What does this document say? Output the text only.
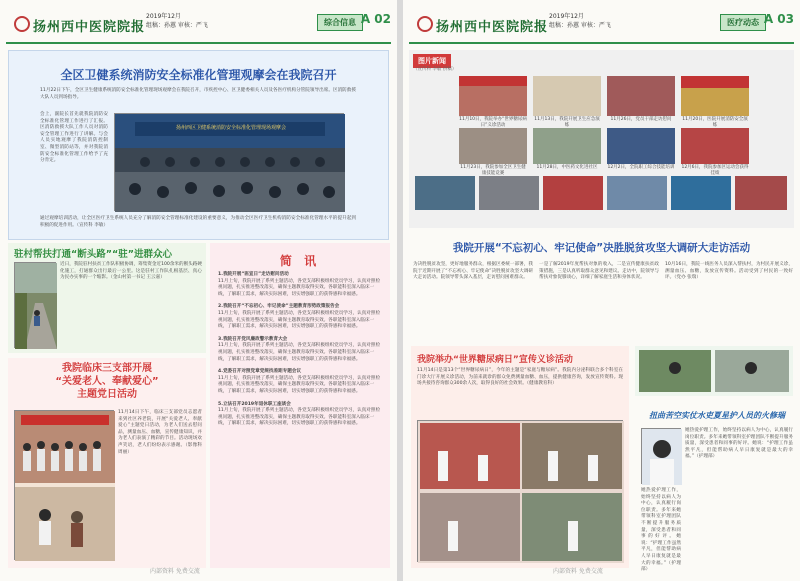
扬州西中医院院报
2019年12月
组稿：孙蕙 审核：严飞	综合信息 A 02
全区卫健系统消防安全标准化管理观摩会在我院召开
11月22日下午，全区卫生健康系统消防安全标准化管理现场观摩会在我院召开，市疾控中心、区卫健委相关人员及各医疗机构分管院领导出席。区消防救援大队人员到场指导。
会上，副院长首先就我院消防安全标准化管理工作进行了汇报。区消防救援大队工作人员对消防安全管理工作进行了讲解。与会人员实地观摩了我院消防控制室、微型消防站等，并对我院消防安全标准化管理工作给予了充分肯定。
扬州西区卫健系统消防安全标准化管理现场观摩会
通过观摩培训活动，让全区医疗卫生系统人员充分了解消防安全管理标准化建设的重要意义，为推动全区医疗卫生机构消防安全标准化管理水平的提升起到积极的促进作用。（宣传科 李敏）
驻村帮扶打通“断头路”“驻”进群众心
近日，我院驻村扶贫工作队积极协调，筹集资金近100余米的断头路硬化施工，打通群众出行最后一公里。这是驻村工作队扎根基层、真心为民办实事的一个缩影。（金山村第一书记 王云嘉）
我院临床三支部开展
“关爱老人、奉献爱心”
主题党日活动
11月14日下午，临床三支部党员志愿者来到社区养老院，开展“关爱老人、奉献爱心”主题党日活动，为老人们送去慰问品，测量血压、血糖，宣传健康知识，并为老人们表演了精彩的节目。活动现场欢声笑语，老人们纷纷表示感谢。（影像科 周丽）
简 讯
1.我院开展“医宣日”走访慰问活动
11月上旬，我院开展了系列主题活动，各党支部积极组织党员学习，认真对照检视问题，扎实推进整改落实，确保主题教育取得实效。各职能科室深入临床一线，了解职工需求，解决实际困难，切实增强职工的获得感和幸福感。
2.我院召开“不忘初心、牢记使命”主题教育形势政策报告会
11月上旬，我院开展了系列主题活动，各党支部积极组织党员学习，认真对照检视问题，扎实推进整改落实，确保主题教育取得实效。各职能科室深入临床一线，了解职工需求，解决实际困难，切实增强职工的获得感和幸福感。
3.我院召开党风廉政警示教育大会
11月上旬，我院开展了系列主题活动，各党支部积极组织党员学习，认真对照检视问题，扎实推进整改落实，确保主题教育取得实效。各职能科室深入临床一线，了解职工需求，解决实际困难，切实增强职工的获得感和幸福感。
4.党委召开对照党章党规找差距专题会议
11月上旬，我院开展了系列主题活动，各党支部积极组织党员学习，认真对照检视问题，扎实推进整改落实，确保主题教育取得实效。各职能科室深入临床一线，了解职工需求，解决实际困难，切实增强职工的获得感和幸福感。
5.立法召开2019年退休职工座谈会
11月上旬，我院开展了系列主题活动，各党支部积极组织党员学习，认真对照检视问题，扎实推进整改落实，确保主题教育取得实效。各职能科室深入临床一线，了解职工需求，解决实际困难，切实增强职工的获得感和幸福感。
内部资料 免费交流
扬州西中医院院报
2019年12月
组稿：孙蕙 审核：严飞	医疗动态 A 03
图片新闻
（宣传科 李敏 供稿）
11月10日，我院举办“世界糖尿病日”义诊活动
11月13日，我院开展卫生应急演练
11月26日，党员干部走访慰问	11月20日，医院开展消防安全演练
11月23日，我院参加全区卫生健康技能竞赛
11月28日，中医药文化进社区	12月2日，全院职工综合技能培训 12月6日，我院参加区运动会获得佳绩
我院开展“不忘初心、牢记使命”决胜脱贫攻坚大调研大走访活动
为决胜脱贫攻坚，更好地服务群众，根据区委统一部署，我院于近期开展了“不忘初心、牢记使命”决胜脱贫攻坚大调研大走访活动。院领导带头深入基层，走访慰问困难群众。
一是了解2019年度帮扶对象的收入，二是宣传健康扶贫政策措施，三是认真听取群众意见和建议。走访中，院领导与帮扶对象促膝谈心，详细了解家庭生活和身体状况。
10月16日，我院一线医务人员深入帮扶村，为村民开展义诊，测量血压、血糖，发放宣传资料。活动受到了村民的一致好评。（党办 张瑞）
我院举办“世界糖尿病日”宣传义诊活动
11月14日是第13个“世界糖尿病日”，今年的主题是“家庭与糖尿病”。我院内分泌科联合多个科室在门诊大厅开展义诊活动，为前来就诊的群众免费测量血糖、血压，提供健康咨询，发放宣传资料。现场共接待咨询群众300余人次，取得良好的社会效果。（健康教育科）
扭曲苦空实仗水吏夏星护人员的火修瑞
她热爱护理工作，始终坚持以病人为中心，认真履行岗位职责。多年来她带领科室护理团队不断提升服务质量，深受患者和同事的好评。她说：“护理工作虽然平凡，但能帮助病人早日康复就是最大的幸福。”（护理部）
她热爱护理工作，始终坚持以病人为中心，认真履行岗位职责。多年来她带领科室护理团队不断提升服务质量，深受患者和同事的好评。她说：“护理工作虽然平凡，但能帮助病人早日康复就是最大的幸福。”（护理部）
内部资料 免费交流
